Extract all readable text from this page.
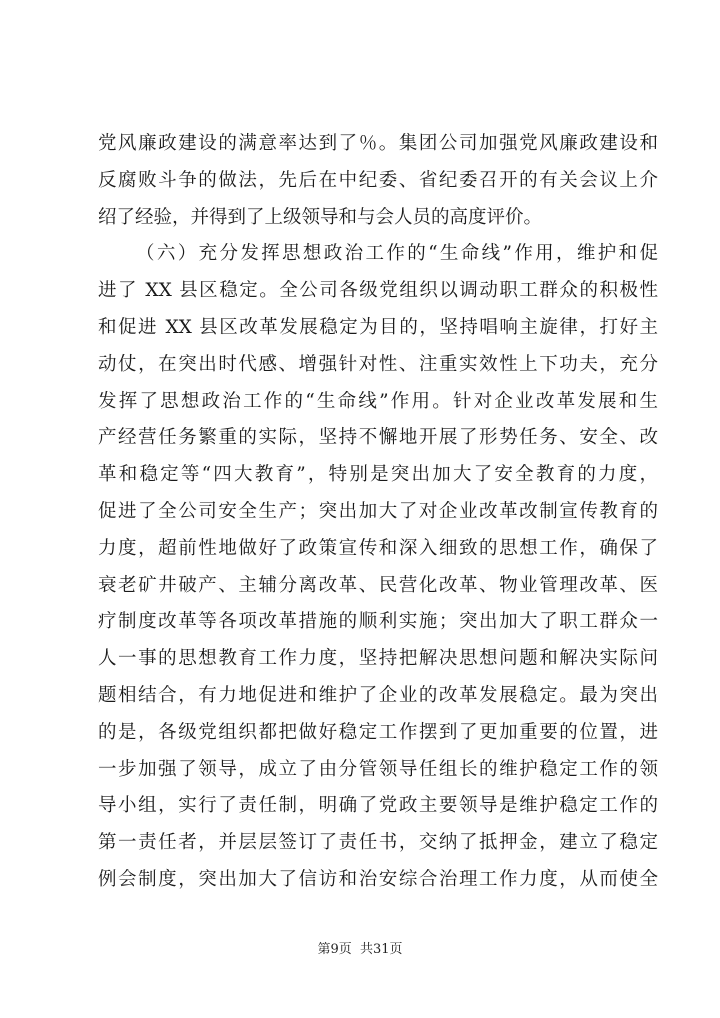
党风廉政建设的满意率达到了％。集团公司加强党风廉政建设和
反腐败斗争的做法，先后在中纪委、省纪委召开的有关会议上介
绍了经验，并得到了上级领导和与会人员的高度评价。
（六）充分发挥思想政治工作的“生命线”作用，维护和促
进了 XX 县区稳定。全公司各级党组织以调动职工群众的积极性
和促进 XX 县区改革发展稳定为目的，坚持唱响主旋律，打好主
动仗，在突出时代感、增强针对性、注重实效性上下功夫，充分
发挥了思想政治工作的“生命线”作用。针对企业改革发展和生
产经营任务繁重的实际，坚持不懈地开展了形势任务、安全、改
革和稳定等“四大教育”，特别是突出加大了安全教育的力度，
促进了全公司安全生产；突出加大了对企业改革改制宣传教育的
力度，超前性地做好了政策宣传和深入细致的思想工作，确保了
衰老矿井破产、主辅分离改革、民营化改革、物业管理改革、医
疗制度改革等各项改革措施的顺利实施；突出加大了职工群众一
人一事的思想教育工作力度，坚持把解决思想问题和解决实际问
题相结合，有力地促进和维护了企业的改革发展稳定。最为突出
的是，各级党组织都把做好稳定工作摆到了更加重要的位置，进
一步加强了领导，成立了由分管领导任组长的维护稳定工作的领
导小组，实行了责任制，明确了党政主要领导是维护稳定工作的
第一责任者，并层层签订了责任书，交纳了抵押金，建立了稳定
例会制度，突出加大了信访和治安综合治理工作力度，从而使全
第9页  共31页
